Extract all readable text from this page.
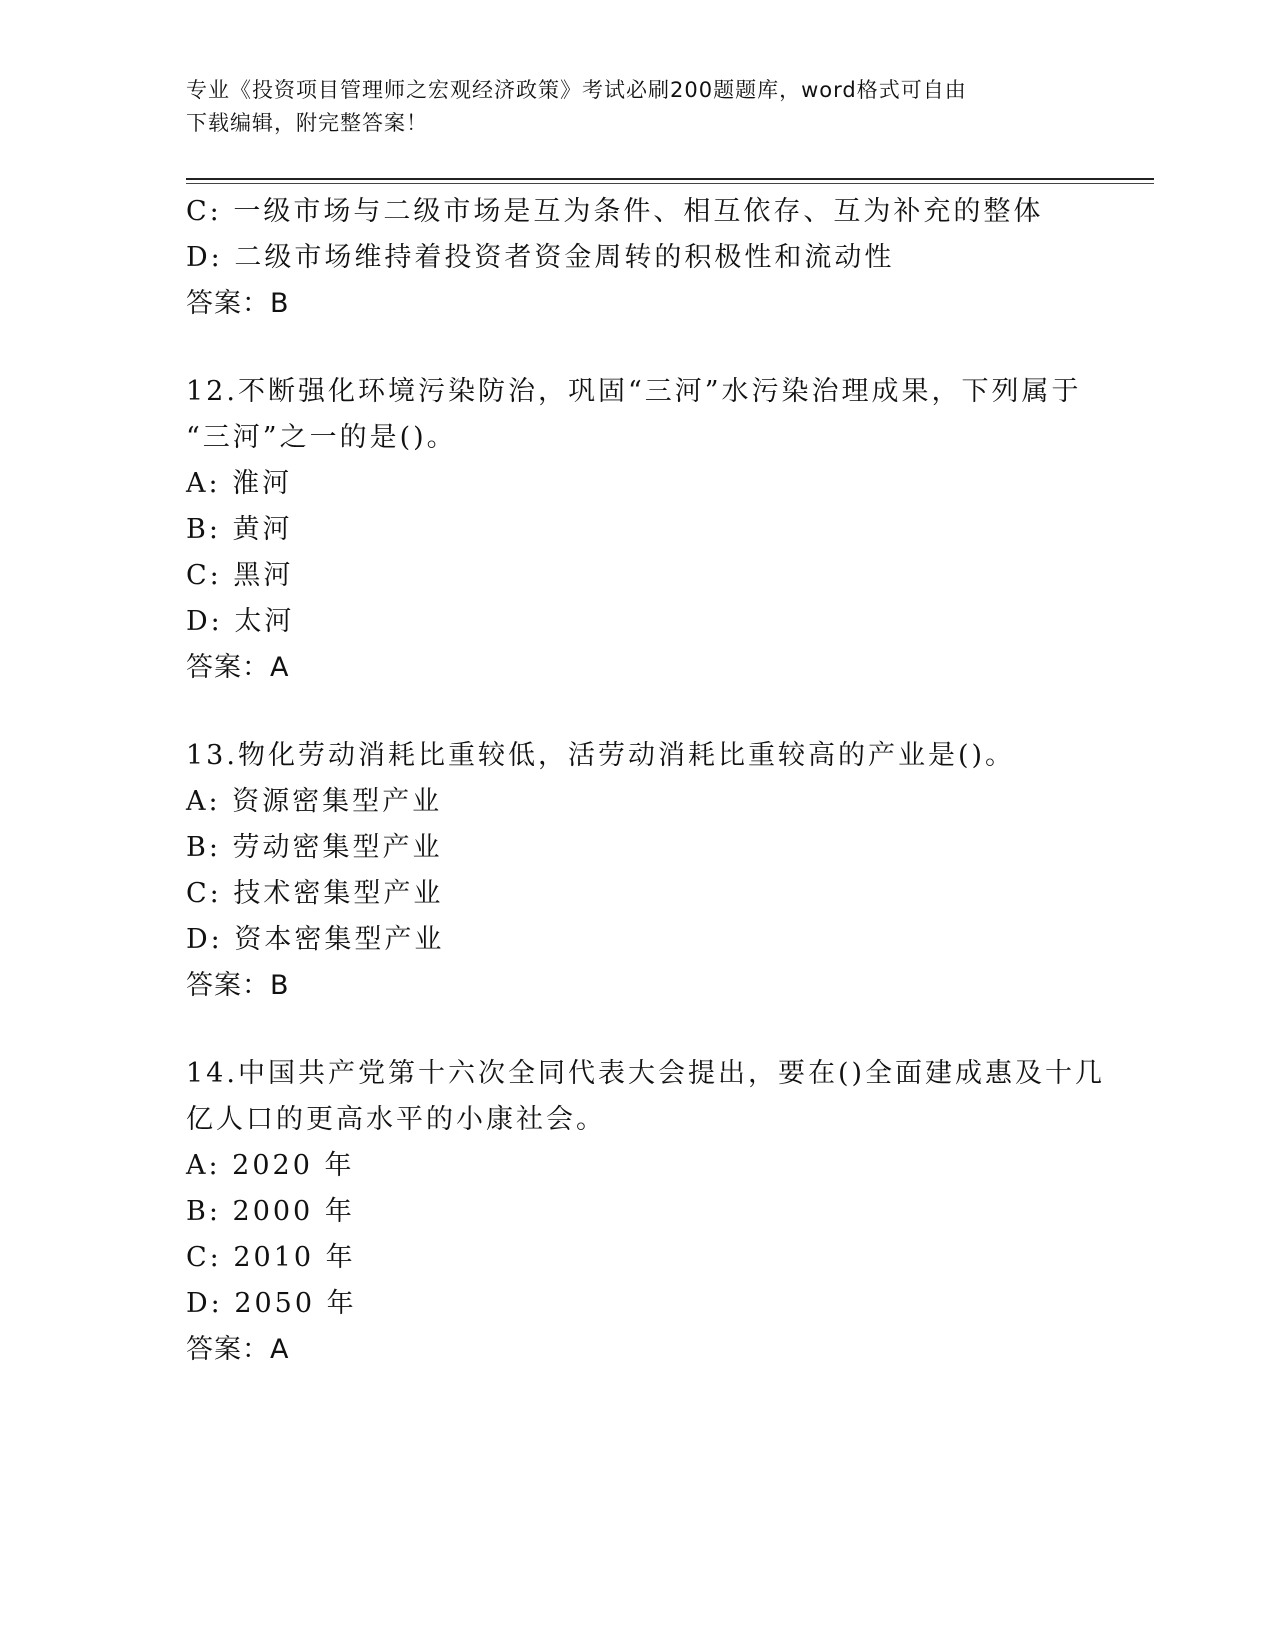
专业《投资项目管理师之宏观经济政策》考试必刷200题题库，word格式可自由
下载编辑，附完整答案！
C: 一级市场与二级市场是互为条件、相互依存、互为补充的整体
D: 二级市场维持着投资者资金周转的积极性和流动性
答案：B
12.不断强化环境污染防治，巩固“三河”水污染治理成果，下列属于
“三河”之一的是()。
A: 淮河
B: 黄河
C: 黑河
D: 太河
答案：A
13.物化劳动消耗比重较低，活劳动消耗比重较高的产业是()。
A: 资源密集型产业
B: 劳动密集型产业
C: 技术密集型产业
D: 资本密集型产业
答案：B
14.中国共产党第十六次全同代表大会提出，要在()全面建成惠及十几
亿人口的更高水平的小康社会。
A: 2020 年
B: 2000 年
C: 2010 年
D: 2050 年
答案：A
